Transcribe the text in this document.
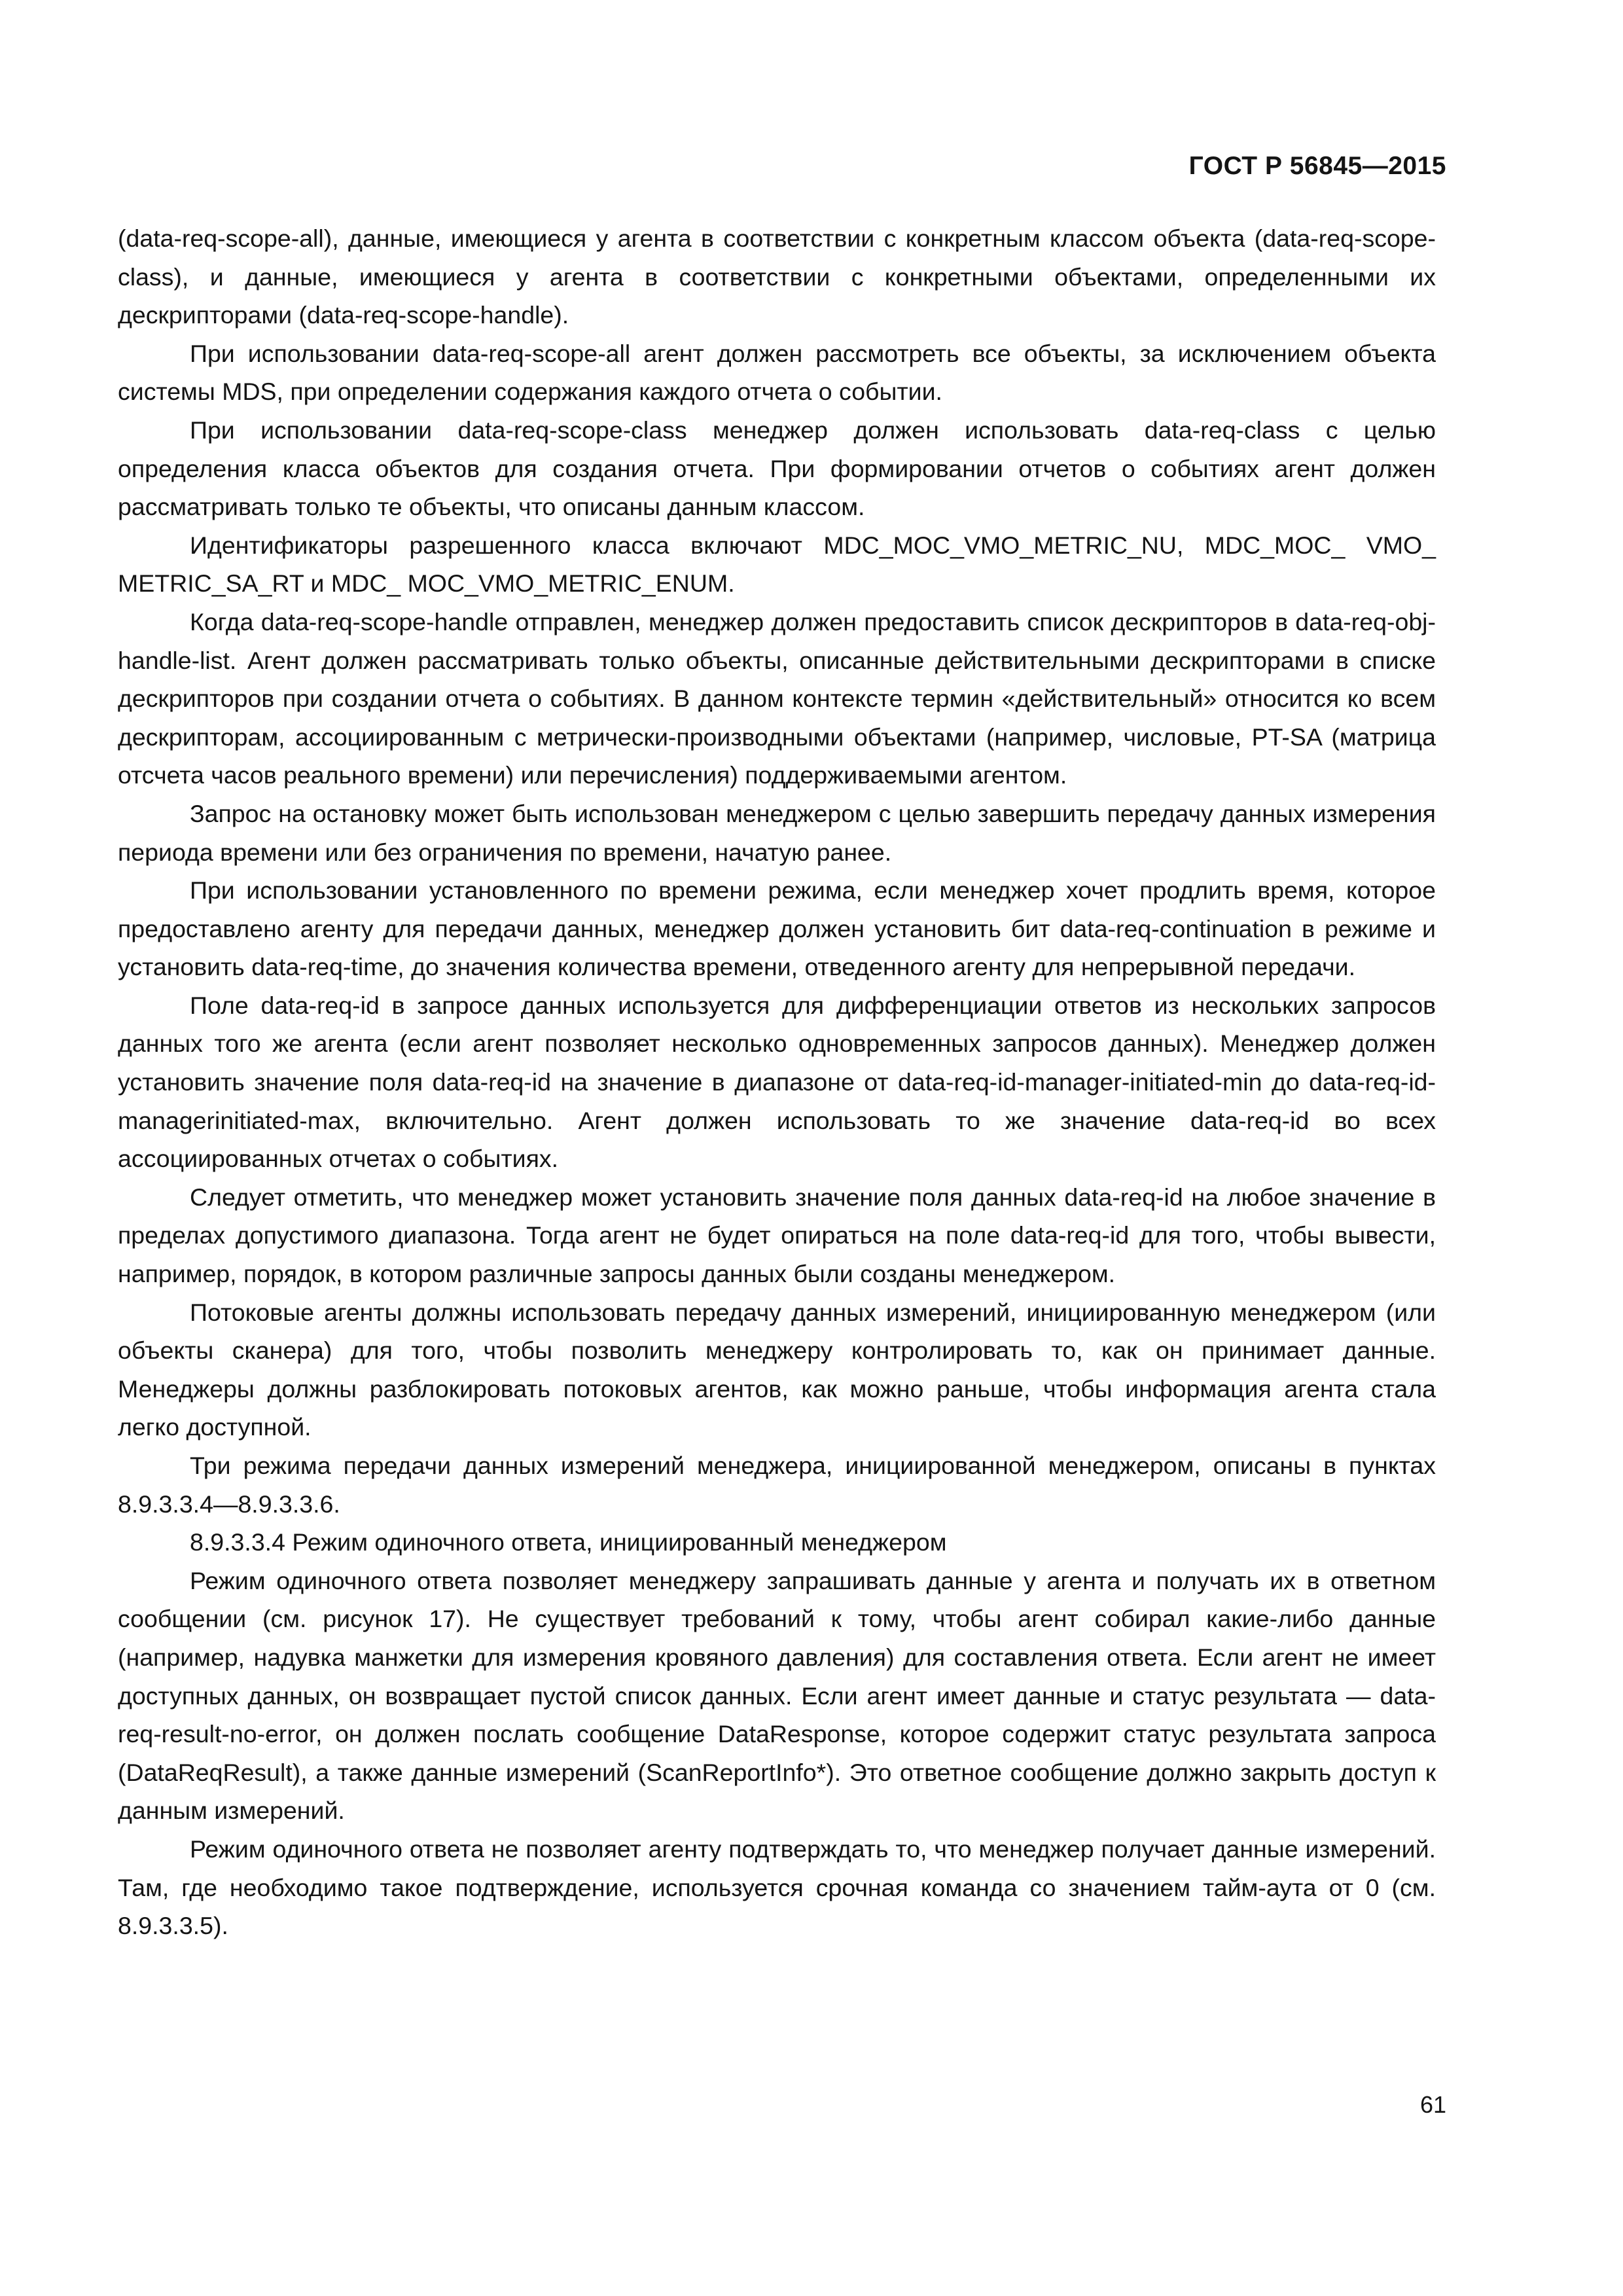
ГОСТ Р 56845—2015

(data-req-scope-all), данные, имеющиеся у агента в соответствии с конкретным классом объекта (data-req-scope-class), и данные, имеющиеся у агента в соответствии с конкретными объектами, определенными их дескрипторами (data-req-scope-handle).

При использовании data-req-scope-all агент должен рассмотреть все объекты, за исключением объекта системы MDS, при определении содержания каждого отчета о событии.

При использовании data-req-scope-class менеджер должен использовать data-req-class с целью определения класса объектов для создания отчета. При формировании отчетов о событиях агент должен рассматривать только те объекты, что описаны данным классом.

Идентификаторы разрешенного класса включают MDC_MOC_VMO_METRIC_NU, MDC_MOC_ VMO_ METRIC_SA_RT и MDC_ MOC_VMO_METRIC_ENUM.

Когда data-req-scope-handle отправлен, менеджер должен предоставить список дескрипторов в data-req-obj-handle-list. Агент должен рассматривать только объекты, описанные действительными дескрипторами в списке дескрипторов при создании отчета о событиях. В данном контексте термин «действительный» относится ко всем дескрипторам, ассоциированным с метрически-производными объектами (например, числовые, PT-SA (матрица отсчета часов реального времени) или перечисления) поддерживаемыми агентом.

Запрос на остановку может быть использован менеджером с целью завершить передачу данных измерения периода времени или без ограничения по времени, начатую ранее.

При использовании установленного по времени режима, если менеджер хочет продлить время, которое предоставлено агенту для передачи данных, менеджер должен установить бит data-req-continuation в режиме и установить data-req-time, до значения количества времени, отведенного агенту для непрерывной передачи.

Поле data-req-id в запросе данных используется для дифференциации ответов из нескольких запросов данных того же агента (если агент позволяет несколько одновременных запросов данных). Менеджер должен установить значение поля data-req-id на значение в диапазоне от data-req-id-manager-initiated-min до data-req-id-managerinitiated-max, включительно. Агент должен использовать то же значение data-req-id во всех ассоциированных отчетах о событиях.

Следует отметить, что менеджер может установить значение поля данных data-req-id на любое значение в пределах допустимого диапазона. Тогда агент не будет опираться на поле data-req-id для того, чтобы вывести, например, порядок, в котором различные запросы данных были созданы менеджером.

Потоковые агенты должны использовать передачу данных измерений, инициированную менеджером (или объекты сканера) для того, чтобы позволить менеджеру контролировать то, как он принимает данные. Менеджеры должны разблокировать потоковых агентов, как можно раньше, чтобы информация агента стала легко доступной.

Три режима передачи данных измерений менеджера, инициированной менеджером, описаны в пунктах 8.9.3.3.4—8.9.3.3.6.

8.9.3.3.4 Режим одиночного ответа, инициированный менеджером

Режим одиночного ответа позволяет менеджеру запрашивать данные у агента и получать их в ответном сообщении (см. рисунок 17). Не существует требований к тому, чтобы агент собирал какие-либо данные (например, надувка манжетки для измерения кровяного давления) для составления ответа. Если агент не имеет доступных данных, он возвращает пустой список данных. Если агент имеет данные и статус результата — data-req-result-no-error, он должен послать сообщение DataResponse, которое содержит статус результата запроса (DataReqResult), а также данные измерений (ScanReportInfo*). Это ответное сообщение должно закрыть доступ к данным измерений.

Режим одиночного ответа не позволяет агенту подтверждать то, что менеджер получает данные измерений. Там, где необходимо такое подтверждение, используется срочная команда со значением тайм-аута от 0 (см. 8.9.3.3.5).

61
